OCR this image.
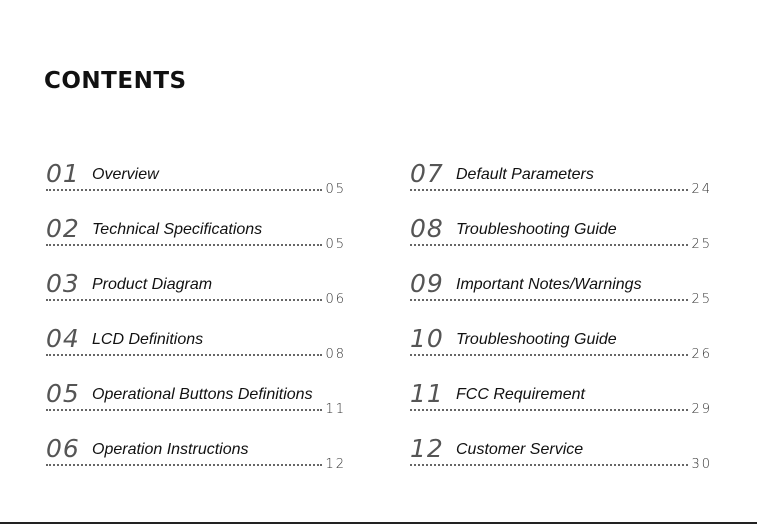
CONTENTS
01 Overview
05
02 Technical Specifications
05
03 Product Diagram
06
04 LCD Definitions
08
05 Operational Buttons Definitions
11
06 Operation Instructions
12
07 Default Parameters
24
08 Troubleshooting Guide
25
09 Important Notes/Warnings
25
10 Troubleshooting Guide
26
11 FCC Requirement
29
12 Customer Service
30
